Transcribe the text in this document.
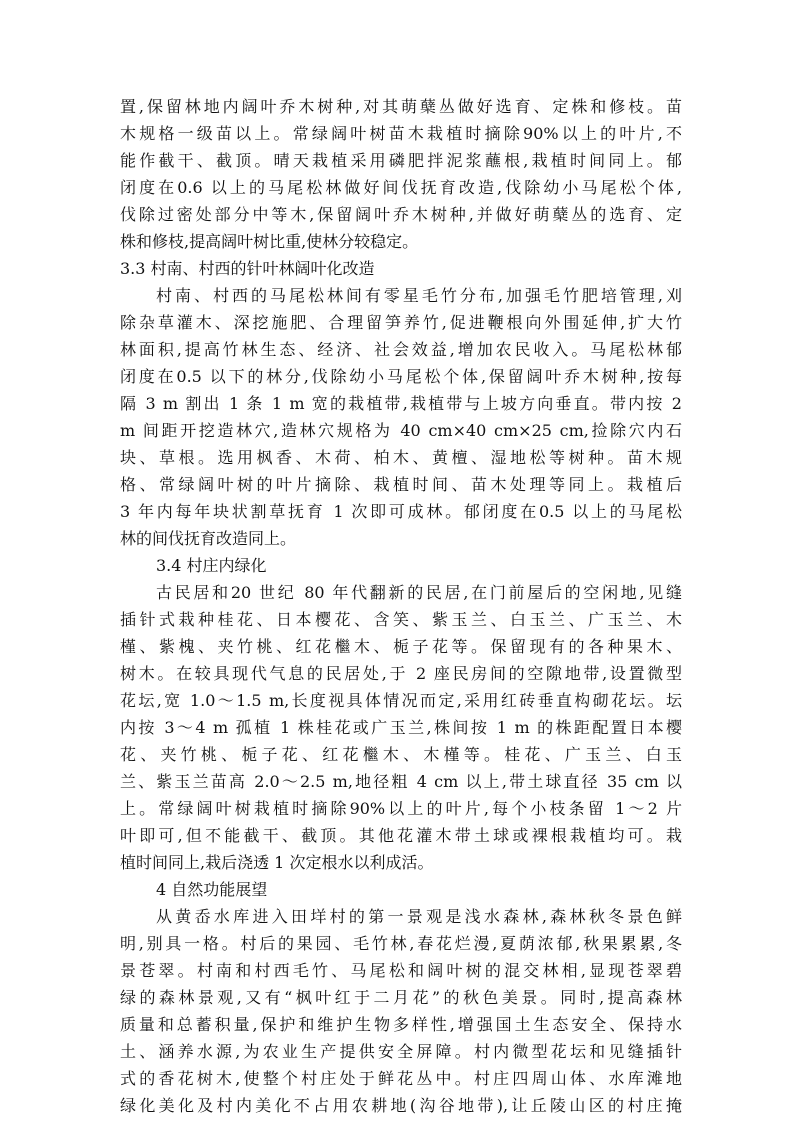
置,保留林地内阔叶乔木树种,对其萌蘖丛做好选育、定株和修枝。苗
木规格一级苗以上。常绿阔叶树苗木栽植时摘除90%以上的叶片,不
能作截干、截顶。晴天栽植采用磷肥拌泥浆蘸根,栽植时间同上。郁
闭度在0.6 以上的马尾松林做好间伐抚育改造,伐除幼小马尾松个体,
伐除过密处部分中等木,保留阔叶乔木树种,并做好萌蘖丛的选育、定
株和修枝,提高阔叶树比重,使林分较稳定。
3.3 村南、村西的针叶林阔叶化改造
村南、村西的马尾松林间有零星毛竹分布,加强毛竹肥培管理,刈
除杂草灌木、深挖施肥、合理留笋养竹,促进鞭根向外围延伸,扩大竹
林面积,提高竹林生态、经济、社会效益,增加农民收入。马尾松林郁
闭度在0.5 以下的林分,伐除幼小马尾松个体,保留阔叶乔木树种,按每
隔 3 m 割出 1 条 1 m 宽的栽植带,栽植带与上坡方向垂直。带内按 2
m 间距开挖造林穴,造林穴规格为 40 cm×40 cm×25 cm,捡除穴内石
块、草根。选用枫香、木荷、柏木、黄檀、湿地松等树种。苗木规
格、常绿阔叶树的叶片摘除、栽植时间、苗木处理等同上。栽植后
3 年内每年块状割草抚育 1 次即可成林。郁闭度在0.5 以上的马尾松
林的间伐抚育改造同上。
3.4 村庄内绿化
古民居和20 世纪 80 年代翻新的民居,在门前屋后的空闲地,见缝
插针式栽种桂花、日本樱花、含笑、紫玉兰、白玉兰、广玉兰、木
槿、紫槐、夹竹桃、红花檵木、栀子花等。保留现有的各种果木、
树木。在较具现代气息的民居处,于 2 座民房间的空隙地带,设置微型
花坛,宽 1.0～1.5 m,长度视具体情况而定,采用红砖垂直构砌花坛。坛
内按 3～4 m 孤植 1 株桂花或广玉兰,株间按 1 m 的株距配置日本樱
花、夹竹桃、栀子花、红花檵木、木槿等。桂花、广玉兰、白玉
兰、紫玉兰苗高 2.0～2.5 m,地径粗 4 cm 以上,带土球直径 35 cm 以
上。常绿阔叶树栽植时摘除90%以上的叶片,每个小枝条留 1～2 片
叶即可,但不能截干、截顶。其他花灌木带土球或裸根栽植均可。栽
植时间同上,栽后浇透 1 次定根水以利成活。
4 自然功能展望
从黄岙水库进入田垟村的第一景观是浅水森林,森林秋冬景色鲜
明,别具一格。村后的果园、毛竹林,春花烂漫,夏荫浓郁,秋果累累,冬
景苍翠。村南和村西毛竹、马尾松和阔叶树的混交林相,显现苍翠碧
绿的森林景观,又有“枫叶红于二月花”的秋色美景。同时,提高森林
质量和总蓄积量,保护和维护生物多样性,增强国土生态安全、保持水
土、涵养水源,为农业生产提供安全屏障。村内微型花坛和见缝插针
式的香花树木,使整个村庄处于鲜花丛中。村庄四周山体、水库滩地
绿化美化及村内美化不占用农耕地(沟谷地带),让丘陵山区的村庄掩
